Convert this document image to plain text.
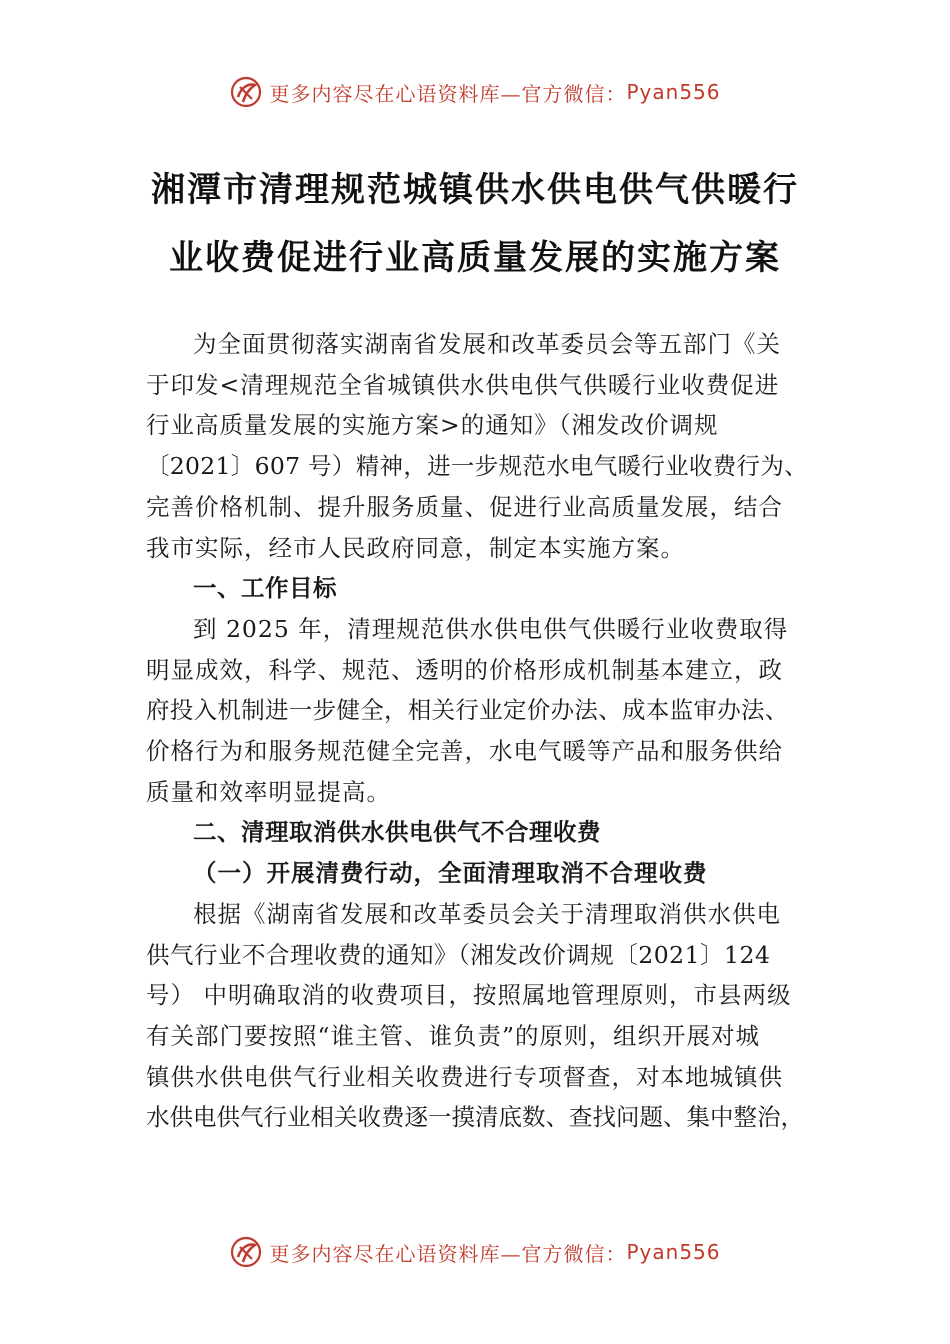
更多内容尽在心语资料库—官方微信： Pyan556
湘潭市清理规范城镇供水供电供气供暖行
业收费促进行业高质量发展的实施方案

为全面贯彻落实湖南省发展和改革委员会等五部门《关

于印发<清理规范全省城镇供水供电供气供暖行业收费促进
行业高质量发展的实施方案>的通知》（湘发改价调规
〔2021〕607 号）精神，进一步规范水电气暖行业收费行为、
完善价格机制、提升服务质量、促进行业高质量发展，结合
我市实际，经市人民政府同意，制定本实施方案。

一、工作目标

到 2025 年，清理规范供水供电供气供暖行业收费取得

明显成效，科学、规范、透明的价格形成机制基本建立，政
府投入机制进一步健全，相关行业定价办法、成本监审办法、
价格行为和服务规范健全完善，水电气暖等产品和服务供给
质量和效率明显提高。

二、清理取消供水供电供气不合理收费

（一）开展清费行动，全面清理取消不合理收费

根据《湖南省发展和改革委员会关于清理取消供水供电

供气行业不合理收费的通知》（湘发改价调规〔2021〕124
号） 中明确取消的收费项目，按照属地管理原则，市县两级
有关部门要按照“谁主管、谁负责”的原则，组织开展对城
镇供水供电供气行业相关收费进行专项督查，对本地城镇供
水供电供气行业相关收费逐一摸清底数、查找问题、集中整治，

更多内容尽在心语资料库—官方微信： Pyan556
